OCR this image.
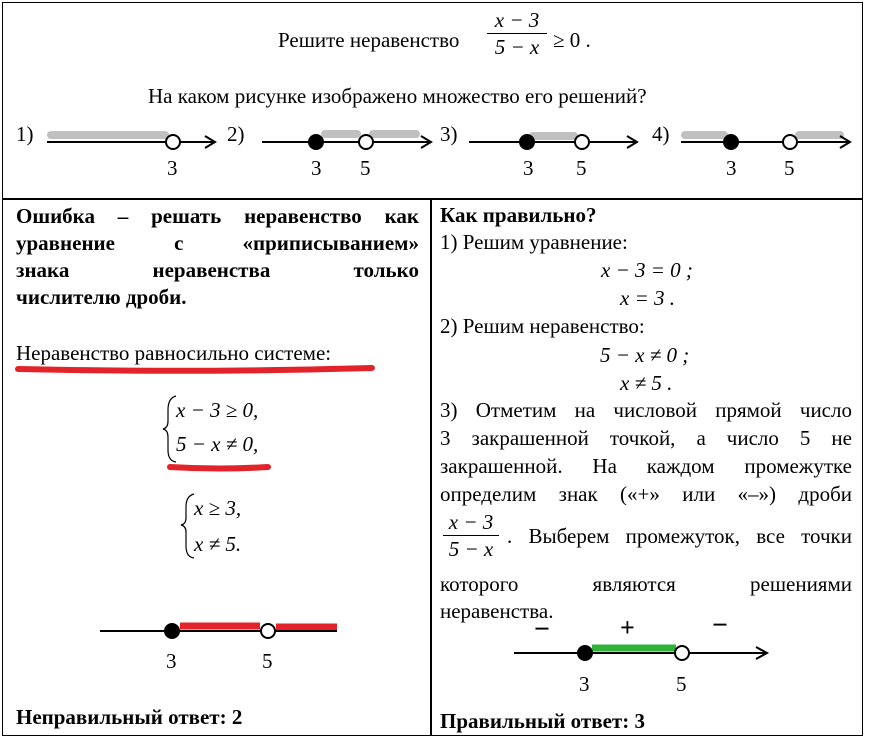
Решите неравенство
x − 3
5 − x ≥ 0 .
На каком рисунке изображено множество его решений?
1)	2)	3)	4)
3	3 5	3 5	3 5
Ошибка – решать неравенство как
уравнение с «приписыванием»
знака неравенства только
числителю дроби.
Неравенство равносильно системе:
x − 3 ≥ 0,
5 − x ≠ 0,
x ≥ 3,
x ≠ 5.
3	5
Неправильный ответ: 2
Как правильно?
1) Решим уравнение:
x − 3 = 0 ;
x = 3 .
2) Решим неравенство:
5 − x ≠ 0 ;
x ≠ 5 .
3) Отметим на числовой прямой число
3 закрашенной точкой, а число 5 не
закрашенной. На каждом промежутке
определим знак («+» или «–») дроби
x − 3
5 − x
. Выберем промежуток, все точки
которого являются решениями
неравенства.
−	+	−
3	5
Правильный ответ: 3
